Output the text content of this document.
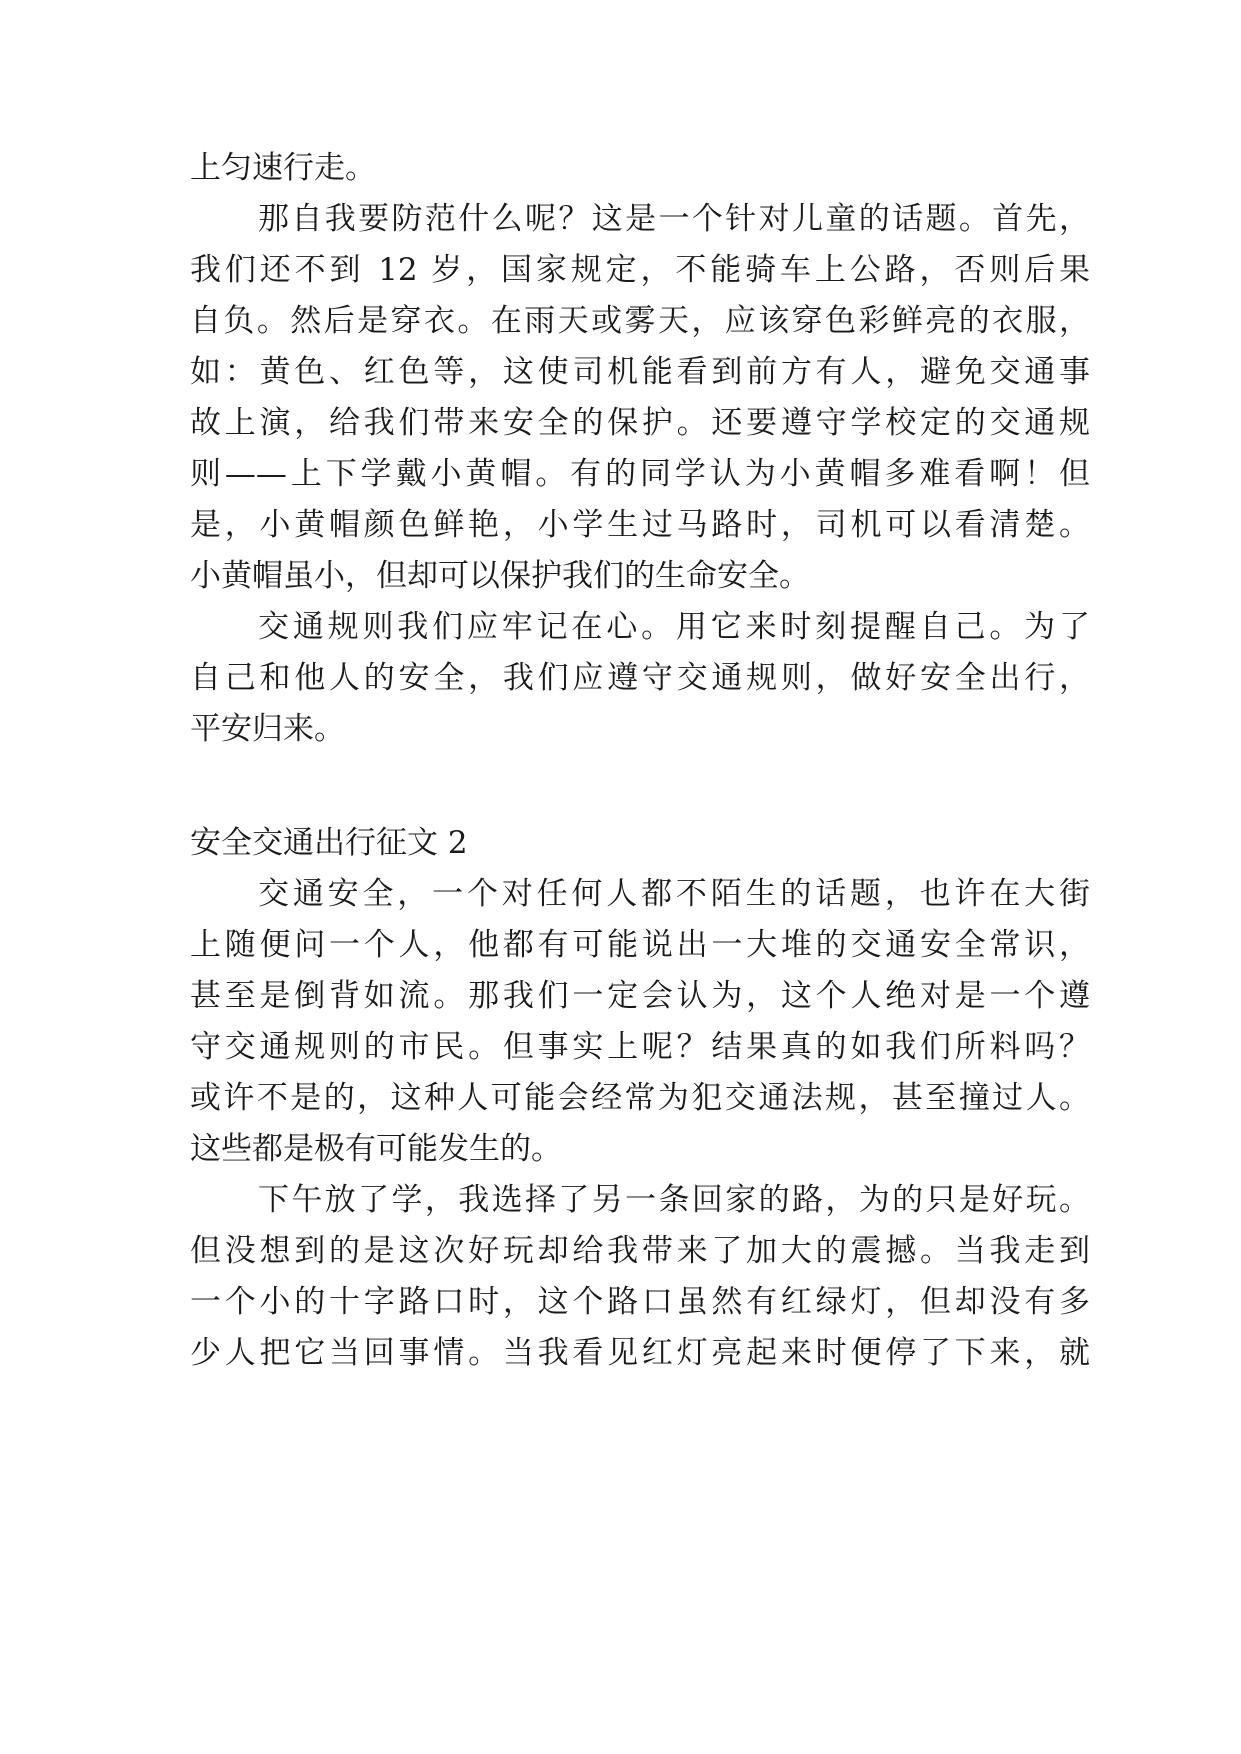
上匀速行走。
那自我要防范什么呢？这是一个针对儿童的话题。首先，
我们还不到 12 岁，国家规定，不能骑车上公路，否则后果
自负。然后是穿衣。在雨天或雾天，应该穿色彩鲜亮的衣服，
如：黄色、红色等，这使司机能看到前方有人，避免交通事
故上演，给我们带来安全的保护。还要遵守学校定的交通规
则——上下学戴小黄帽。有的同学认为小黄帽多难看啊！但
是，小黄帽颜色鲜艳，小学生过马路时，司机可以看清楚。
小黄帽虽小，但却可以保护我们的生命安全。
交通规则我们应牢记在心。用它来时刻提醒自己。为了
自己和他人的安全，我们应遵守交通规则，做好安全出行，
平安归来。
安全交通出行征文 2
交通安全，一个对任何人都不陌生的话题，也许在大街
上随便问一个人，他都有可能说出一大堆的交通安全常识，
甚至是倒背如流。那我们一定会认为，这个人绝对是一个遵
守交通规则的市民。但事实上呢？结果真的如我们所料吗？
或许不是的，这种人可能会经常为犯交通法规，甚至撞过人。
这些都是极有可能发生的。
下午放了学，我选择了另一条回家的路，为的只是好玩。
但没想到的是这次好玩却给我带来了加大的震撼。当我走到
一个小的十字路口时，这个路口虽然有红绿灯，但却没有多
少人把它当回事情。当我看见红灯亮起来时便停了下来，就
